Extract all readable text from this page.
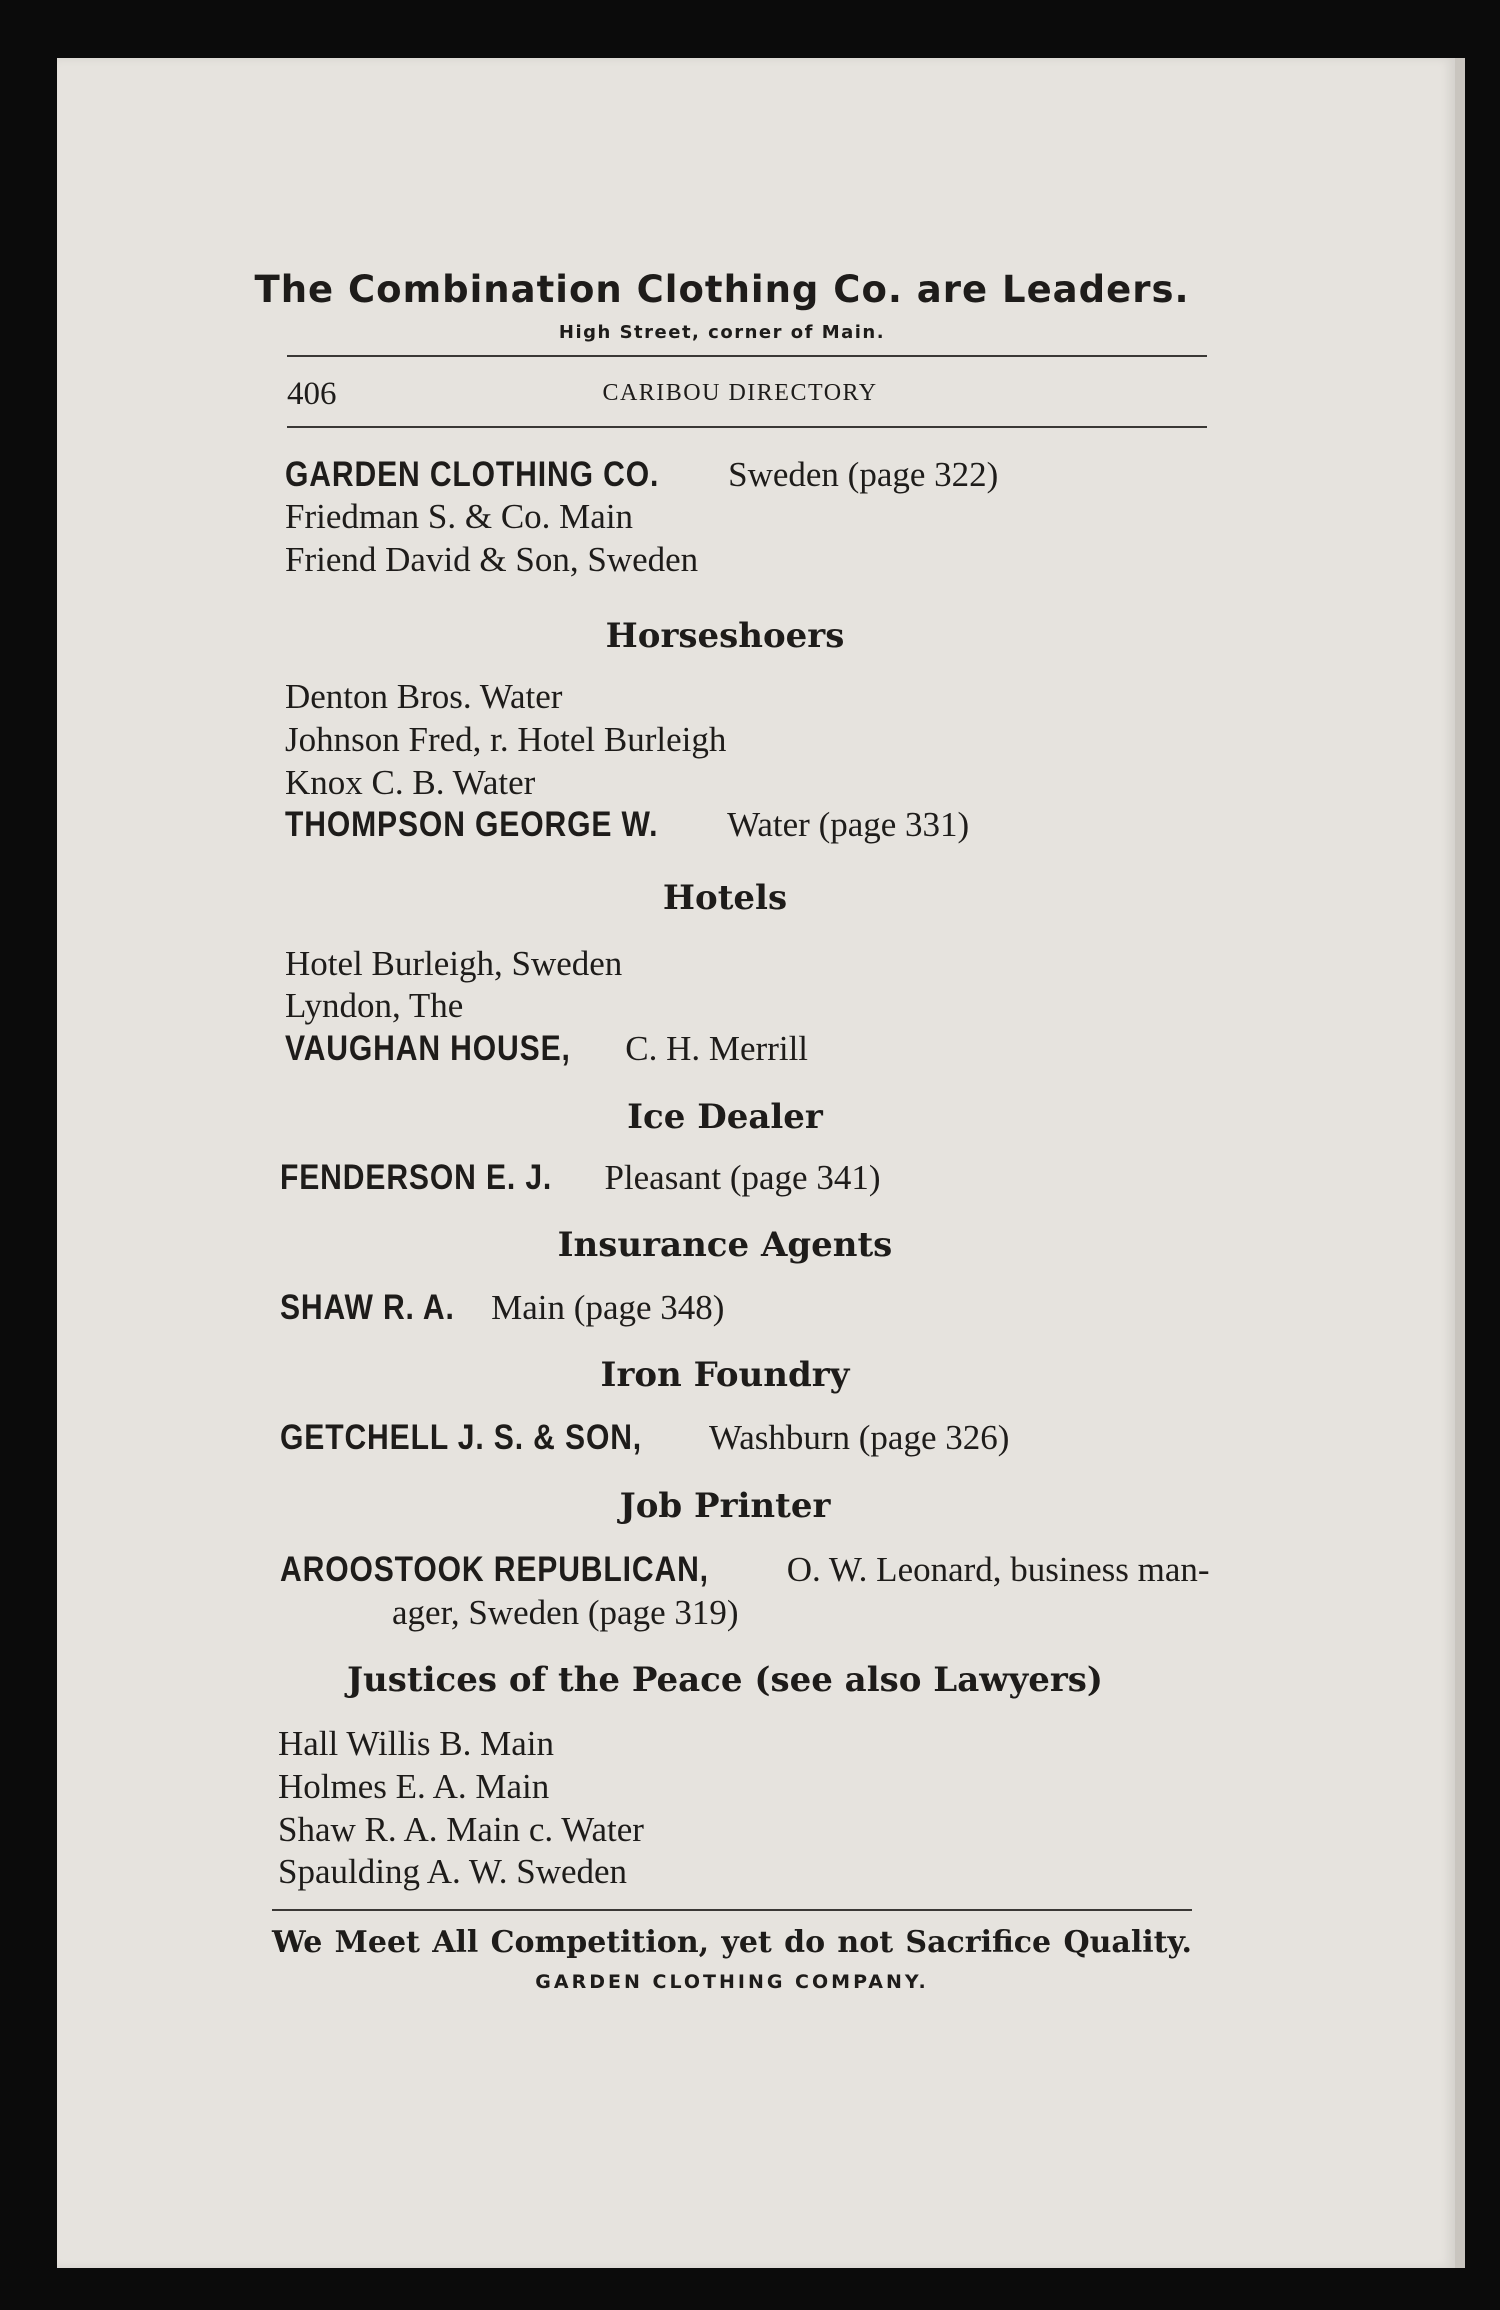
The Combination Clothing Co. are Leaders.
High Street, corner of Main.
406	CARIBOU DIRECTORY
GARDEN CLOTHING CO. Sweden (page 322)
Friedman S. & Co. Main
Friend David & Son, Sweden
Horseshoers
Denton Bros. Water
Johnson Fred, r. Hotel Burleigh
Knox C. B. Water
THOMPSON GEORGE W. Water (page 331)
Hotels
Hotel Burleigh, Sweden
Lyndon, The
VAUGHAN HOUSE, C. H. Merrill
Ice Dealer
FENDERSON E. J. Pleasant (page 341)
Insurance Agents
SHAW R. A. Main (page 348)
Iron Foundry
GETCHELL J. S. & SON, Washburn (page 326)
Job Printer
AROOSTOOK REPUBLICAN, O. W. Leonard, business man-
ager, Sweden (page 319)
Justices of the Peace (see also Lawyers)
Hall Willis B. Main
Holmes E. A. Main
Shaw R. A. Main c. Water
Spaulding A. W. Sweden
We Meet All Competition, yet do not Sacrifice Quality.
GARDEN CLOTHING COMPANY.
